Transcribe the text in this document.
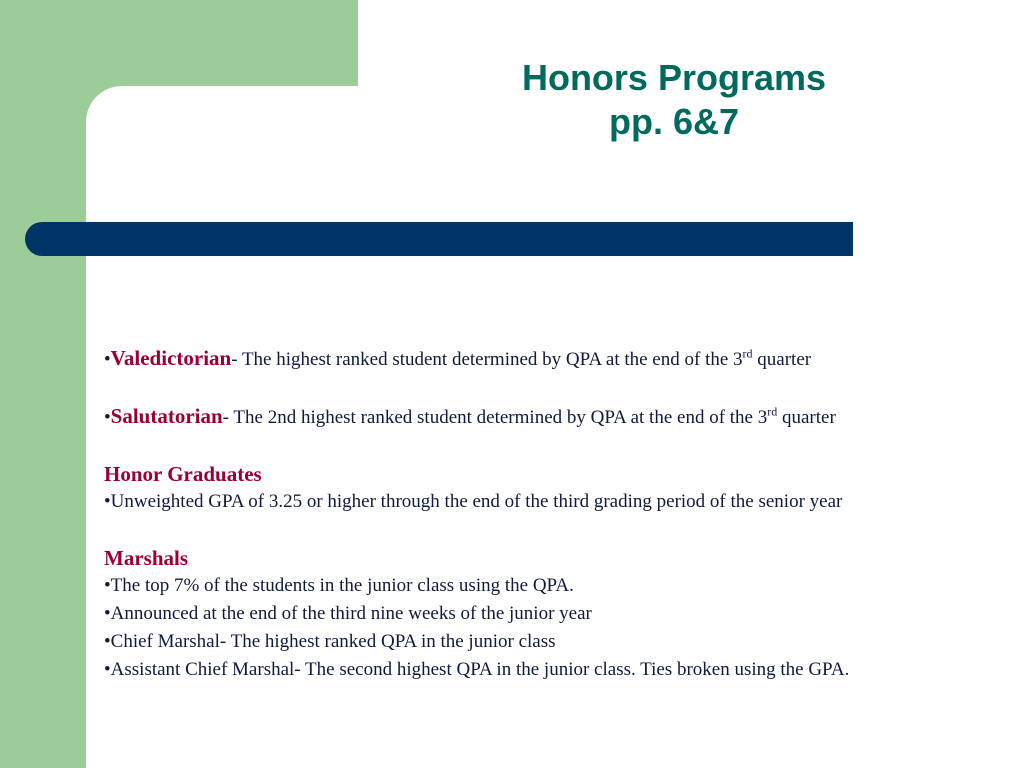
Honors Programs
pp. 6&7
•Valedictorian- The highest ranked student determined by QPA at the end of the 3rd quarter
•Salutatorian- The 2nd highest ranked student determined by QPA at the end of the 3rd quarter
Honor Graduates
•Unweighted GPA of 3.25 or higher through the end of the third grading period of the senior year
Marshals
•The top 7% of the students in the junior class using the QPA.
•Announced at the end of the third nine weeks of the junior year
•Chief Marshal- The highest ranked QPA in the junior class
•Assistant Chief Marshal- The second highest QPA in the junior class. Ties broken using the GPA.
